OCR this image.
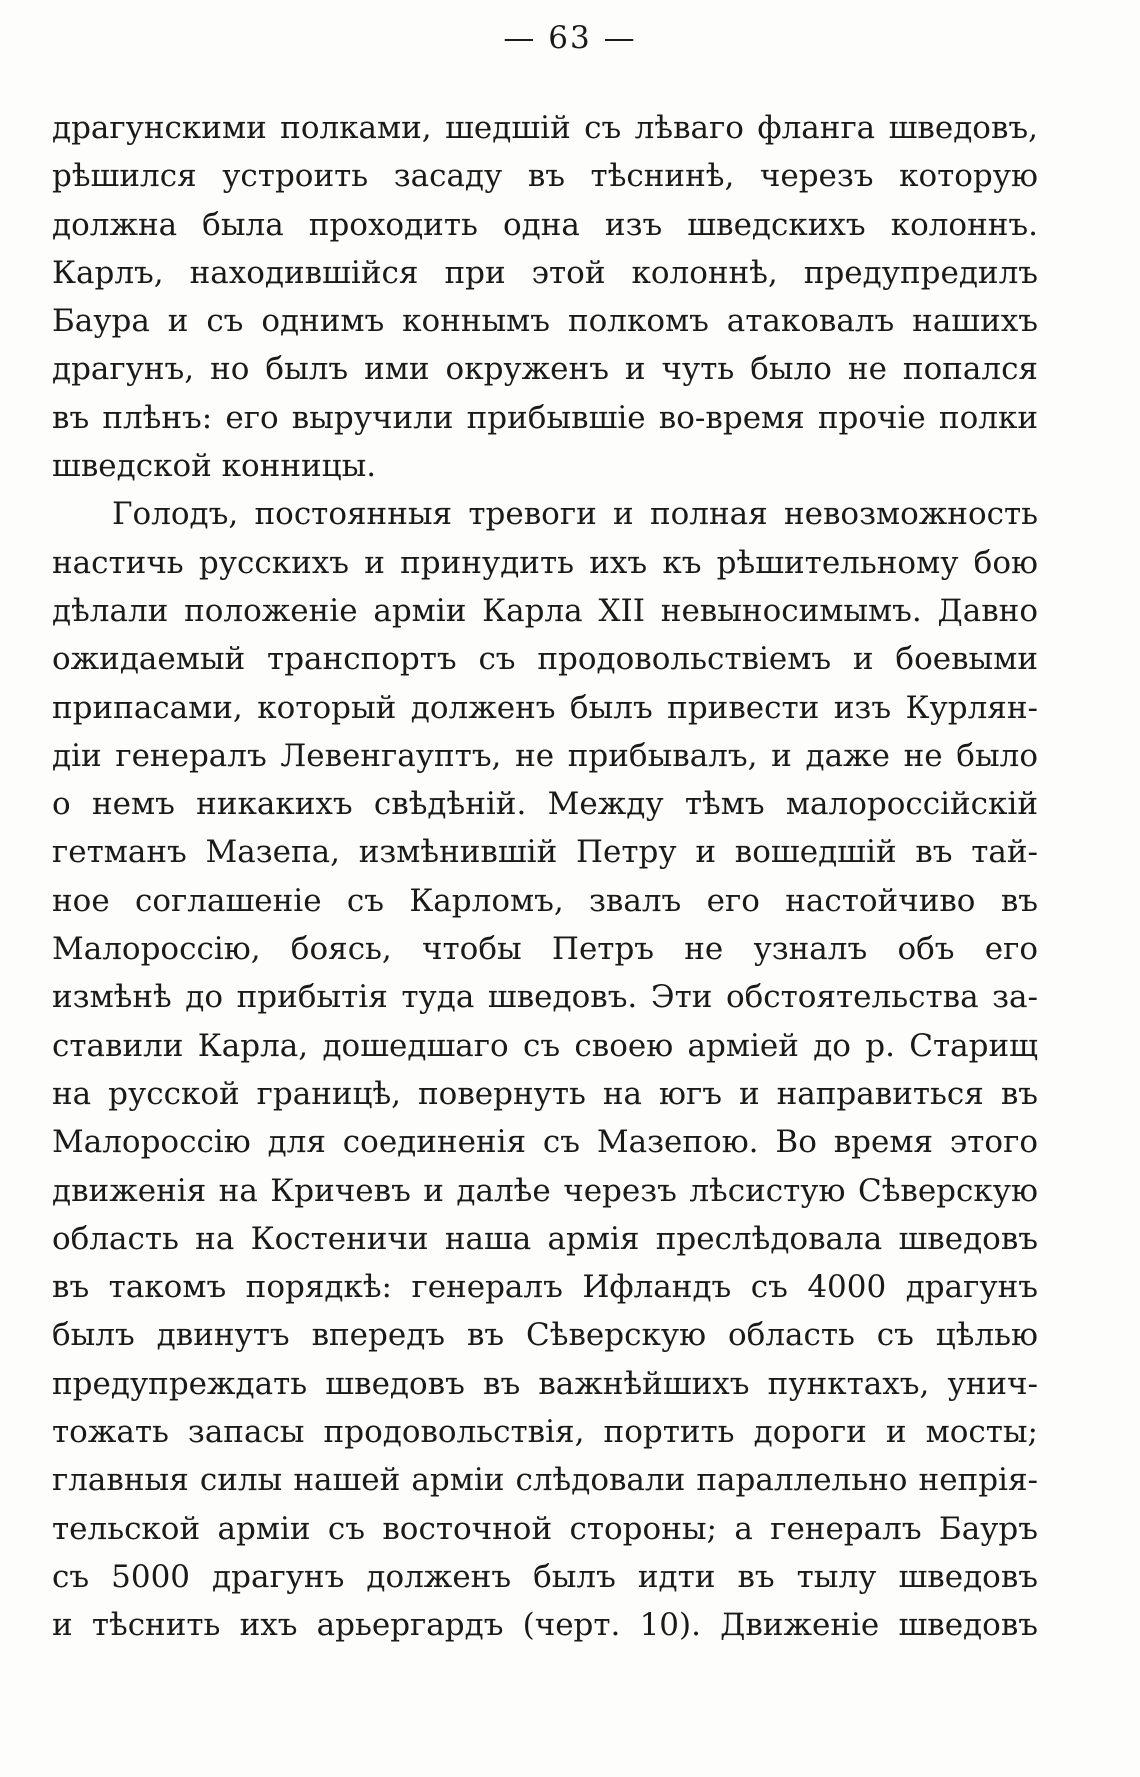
— 63 —
драгунскими полками, шедшій съ лѣваго фланга шведовъ,
рѣшился устроить засаду въ тѣснинѣ, черезъ которую
должна была проходить одна изъ шведскихъ колоннъ.
Карлъ, находившійся при этой колоннѣ, предупредилъ
Баура и съ однимъ коннымъ полкомъ атаковалъ нашихъ
драгунъ, но былъ ими окруженъ и чуть было не попался
въ плѣнъ: его выручили прибывшіе во-время прочіе полки
шведской конницы.
Голодъ, постоянныя тревоги и полная невозможность
настичь русскихъ и принудить ихъ къ рѣшительному бою
дѣлали положеніе арміи Карла XII невыносимымъ. Давно
ожидаемый транспортъ съ продовольствіемъ и боевыми
припасами, который долженъ былъ привести изъ Курлян-
діи генералъ Левенгауптъ, не прибывалъ, и даже не было
о немъ никакихъ свѣдѣній. Между тѣмъ малороссійскій
гетманъ Мазепа, измѣнившій Петру и вошедшій въ тай-
ное соглашеніе съ Карломъ, звалъ его настойчиво въ
Малороссію, боясь, чтобы Петръ не узналъ объ его
измѣнѣ до прибытія туда шведовъ. Эти обстоятельства за-
ставили Карла, дошедшаго съ своею арміей до р. Старищ
на русской границѣ, повернуть на югъ и направиться въ
Малороссію для соединенія съ Мазепою. Во время этого
движенія на Кричевъ и далѣе черезъ лѣсистую Сѣверскую
область на Костеничи наша армія преслѣдовала шведовъ
въ такомъ порядкѣ: генералъ Ифландъ съ 4000 драгунъ
былъ двинутъ впередъ въ Сѣверскую область съ цѣлью
предупреждать шведовъ въ важнѣйшихъ пунктахъ, унич-
тожать запасы продовольствія, портить дороги и мосты;
главныя силы нашей арміи слѣдовали параллельно непрія-
тельской арміи съ восточной стороны; а генералъ Бауръ
съ 5000 драгунъ долженъ былъ идти въ тылу шведовъ
и тѣснить ихъ арьергардъ (черт. 10). Движеніе шведовъ
